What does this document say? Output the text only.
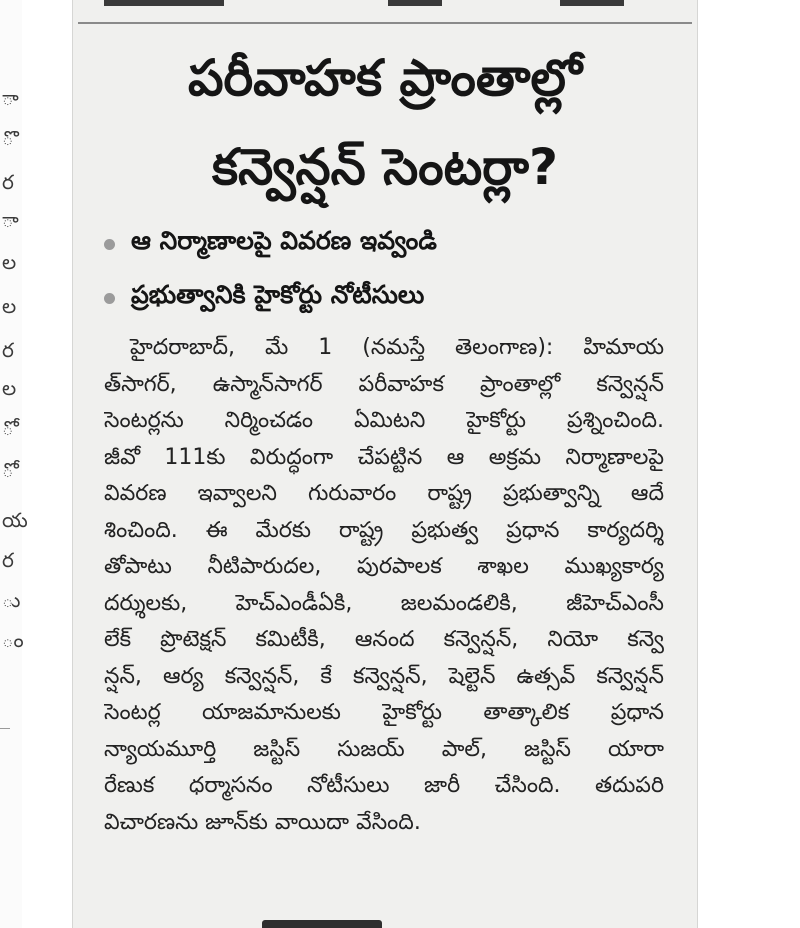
ా
ొ
ర
ా
ల
ల
ర
ల
ో
ో
య
ర
ు
ం
పరీవాహక ప్రాంతాల్లో
కన్వెన్షన్ సెంటర్లా?
ఆ నిర్మాణాలపై వివరణ ఇవ్వండి
ప్రభుత్వానికి హైకోర్టు నోటీసులు
హైదరాబాద్, మే 1 (నమస్తే తెలంగాణ): హిమాయ
త్‌సాగర్, ఉస్మాన్‌సాగర్ పరీవాహక ప్రాంతాల్లో కన్వెన్షన్
సెంటర్లను నిర్మించడం ఏమిటని హైకోర్టు ప్రశ్నించింది.
జీవో 111కు విరుద్ధంగా చేపట్టిన ఆ అక్రమ నిర్మాణాలపై
వివరణ ఇవ్వాలని గురువారం రాష్ట్ర ప్రభుత్వాన్ని ఆదే
శించింది. ఈ మేరకు రాష్ట్ర ప్రభుత్వ ప్రధాన కార్యదర్శి
తోపాటు నీటిపారుదల, పురపాలక శాఖల ముఖ్యకార్య
దర్శులకు, హెచ్‌ఎండీఏకి, జలమండలికి, జీహెచ్‌ఎంసీ
లేక్ ప్రొటెక్షన్ కమిటీకి, ఆనంద కన్వెన్షన్, నియో కన్వె
న్షన్, ఆర్య కన్వెన్షన్, కే కన్వెన్షన్, షెల్టెన్ ఉత్సవ్ కన్వెన్షన్
సెంటర్ల యాజమానులకు హైకోర్టు తాత్కాలిక ప్రధాన
న్యాయమూర్తి జస్టిస్ సుజయ్ పాల్, జస్టిస్ యారా
రేణుక ధర్మాసనం నోటీసులు జారీ చేసింది. తదుపరి
విచారణను జూన్‌కు వాయిదా వేసింది.
